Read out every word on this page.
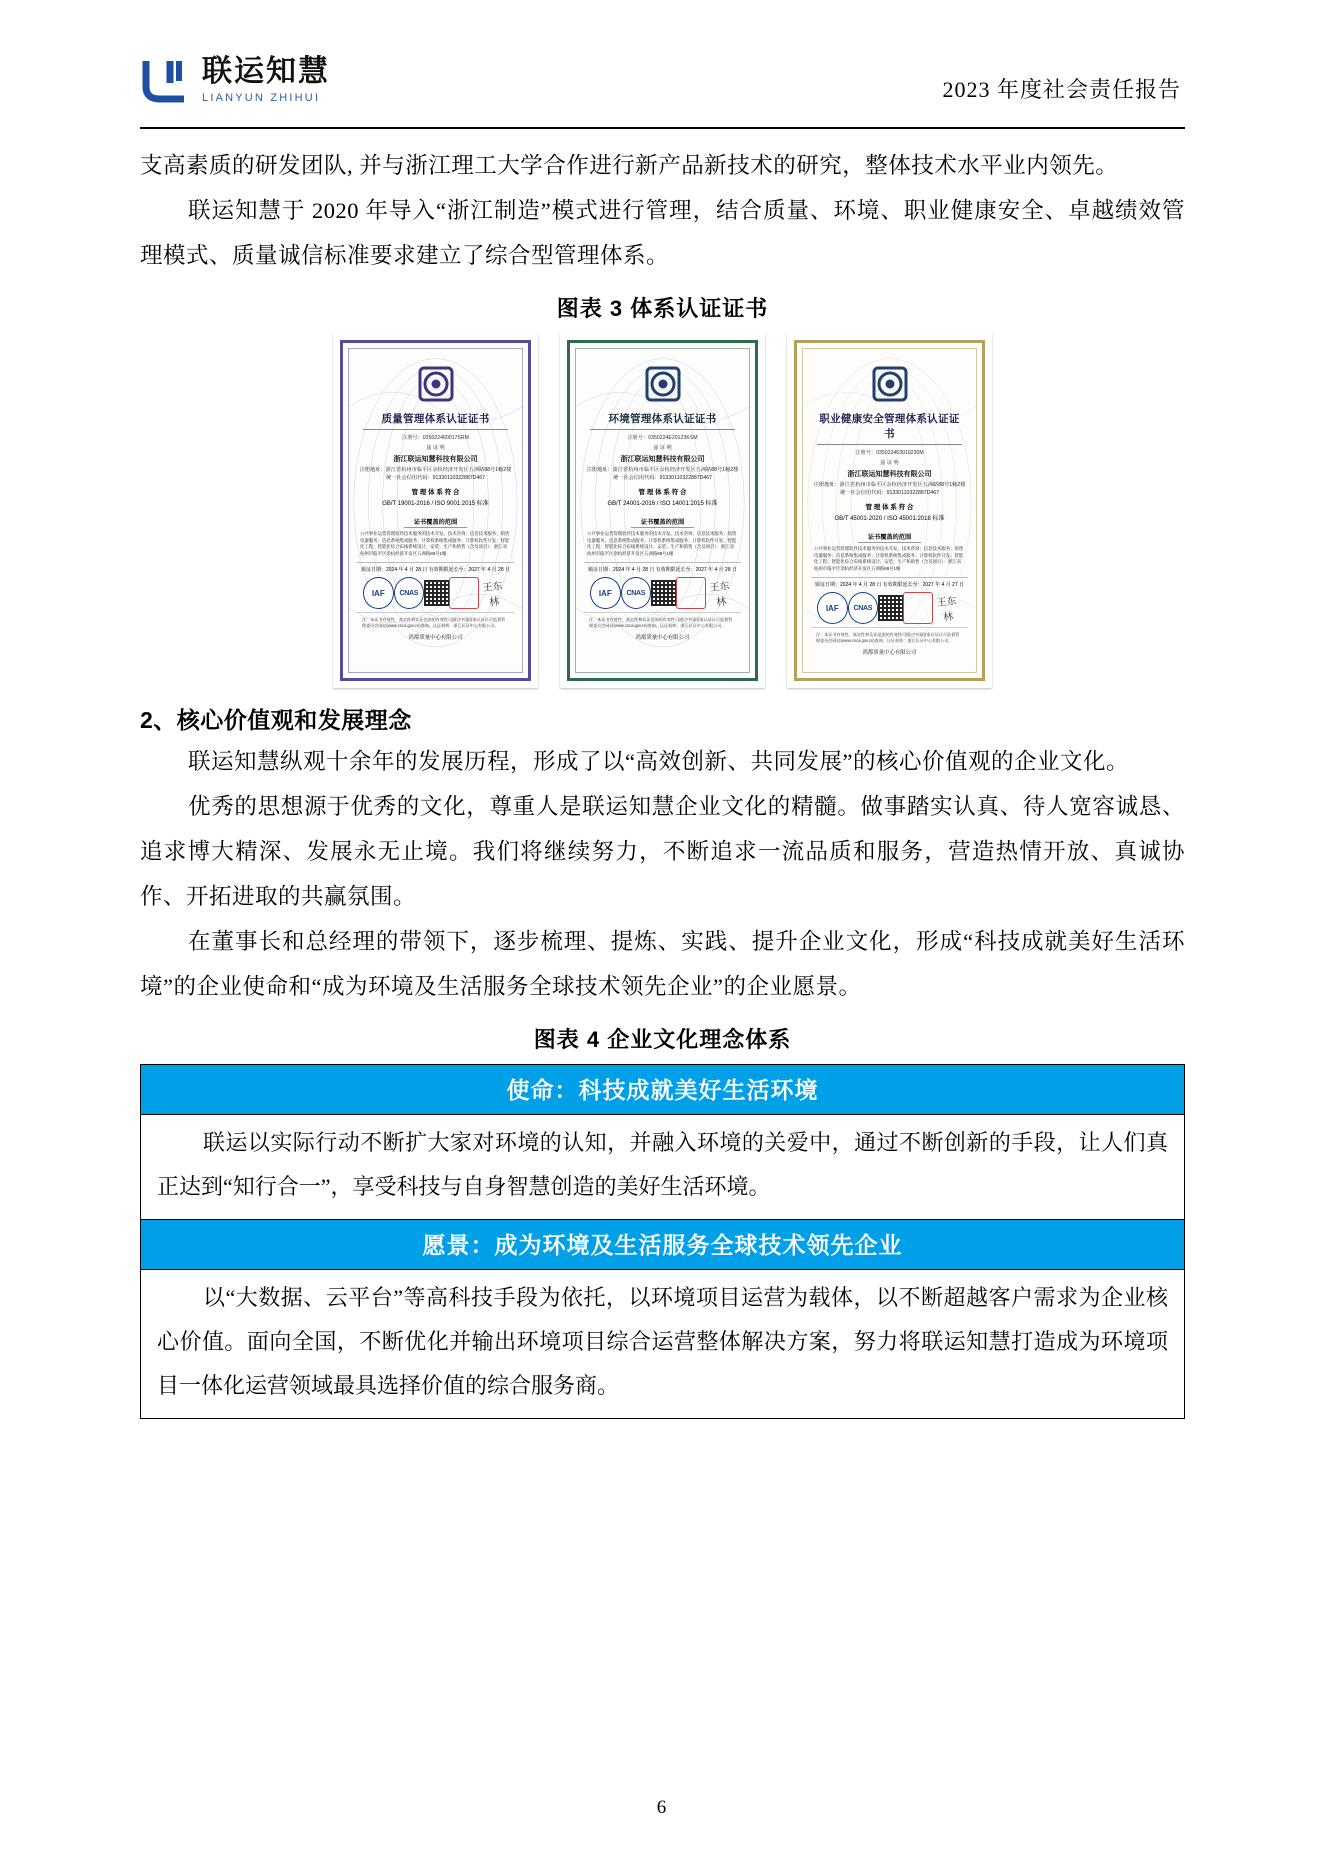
联运知慧
LIANYUN ZHIHUI	2023 年度社会责任报告

支高素质的研发团队, 并与浙江理工大学合作进行新产品新技术的研究，整体技术水平业内领先。

联运知慧于 2020 年导入“浙江制造”模式进行管理，结合质量、环境、职业健康安全、卓越绩效管理模式、质量诚信标准要求建立了综合型管理体系。

图表 3 体系认证证书
质量管理体系认证证书
注册号：035022460017SRM
兹 证 明
浙江联运知慧科技有限公司
注册地址：浙江省杭州市临平区余杭经济开发区五洲路88号1幢2楼
统一社会信用代码：91330110322887D467
管 理 体 系 符 合
GB/T 19001-2016 / ISO 9001:2015 标准
证书覆盖的范围
公共事业运营管理软件技术服务的技术开发、技术咨询；信息技术服务；销售电器服务；信息系统集成服务；计算机系统集成服务；计算机软件开发；智能化工程；智能化综合布线系统设计、安装；生产和销售（含及项目）：浙江省杭州市临平区余杭经济开发区五洲路88号1幢
颁证日期：2024 年 4 月 28 日 有效期限延长至：2027 年 4 月 28 日
IAF	CNAS	王东林
注：本证书有效性、真实性和认证范围的有效性可通过中国国家认证认可监督管理委员会网站(www.cnca.gov.cn)查询。认证机构：浙江认证中心有限公司。
鸿都质量中心有限公司
环境管理体系认证证书
注册号：0350224E20123KSM
兹 证 明
浙江联运知慧科技有限公司
注册地址：浙江省杭州市临平区余杭经济开发区五洲路88号1幢2楼
统一社会信用代码：91330110322887D467
管 理 体 系 符 合
GB/T 24001-2016 / ISO 14001:2015 标准
证书覆盖的范围
公共事业运营管理软件技术服务的技术开发、技术咨询；信息技术服务；销售电器服务；信息系统集成服务；计算机系统集成服务；计算机软件开发；智能化工程；智能化综合布线系统设计、安装；生产和销售（含及项目）：浙江省杭州市临平区余杭经济开发区五洲路88号1幢
颁证日期：2024 年 4 月 28 日 有效期限延长至：2027 年 4 月 28 日
IAF	CNAS	王东林
注：本证书有效性、真实性和认证范围的有效性可通过中国国家认证认可监督管理委员会网站(www.cnca.gov.cn)查询。认证机构：浙江认证中心有限公司。
鸿都质量中心有限公司
职业健康安全管理体系认证证书
注册号：035022463010230M
兹 证 明
浙江联运知慧科技有限公司
注册地址：浙江省杭州市临平区余杭经济开发区五洲路88号1幢2楼
统一社会信用代码：91330110322887D467
管 理 体 系 符 合
GB/T 45001-2020 / ISO 45001:2018 标准
证书覆盖的范围
公共事业运营管理软件技术服务的技术开发、技术咨询；信息技术服务；销售电器服务；信息系统集成服务；计算机系统集成服务；计算机软件开发；智能化工程；智能化综合布线系统设计、安装；生产和销售（含及项目）：浙江省杭州市临平区余杭经济开发区五洲路88号1幢
颁证日期：2024 年 4 月 28 日 有效期限延长至：2027 年 4 月 27 日
IAF	CNAS	王东林
注：本证书有效性、真实性和认证范围的有效性可通过中国国家认证认可监督管理委员会网站(www.cnca.gov.cn)查询。认证机构：浙江认证中心有限公司。
鸿都质量中心有限公司
2、核心价值观和发展理念

联运知慧纵观十余年的发展历程，形成了以“高效创新、共同发展”的核心价值观的企业文化。

优秀的思想源于优秀的文化，尊重人是联运知慧企业文化的精髓。做事踏实认真、待人宽容诚恳、追求博大精深、发展永无止境。我们将继续努力，不断追求一流品质和服务，营造热情开放、真诚协作、开拓进取的共赢氛围。

在董事长和总经理的带领下，逐步梳理、提炼、实践、提升企业文化，形成“科技成就美好生活环境”的企业使命和“成为环境及生活服务全球技术领先企业”的企业愿景。

图表 4 企业文化理念体系
使命：科技成就美好生活环境
联运以实际行动不断扩大家对环境的认知，并融入环境的关爱中，通过不断创新的手段，让人们真正达到“知行合一”，享受科技与自身智慧创造的美好生活环境。
愿景：成为环境及生活服务全球技术领先企业
以“大数据、云平台”等高科技手段为依托，以环境项目运营为载体，以不断超越客户需求为企业核心价值。面向全国，不断优化并输出环境项目综合运营整体解决方案，努力将联运知慧打造成为环境项目一体化运营领域最具选择价值的综合服务商。
6
